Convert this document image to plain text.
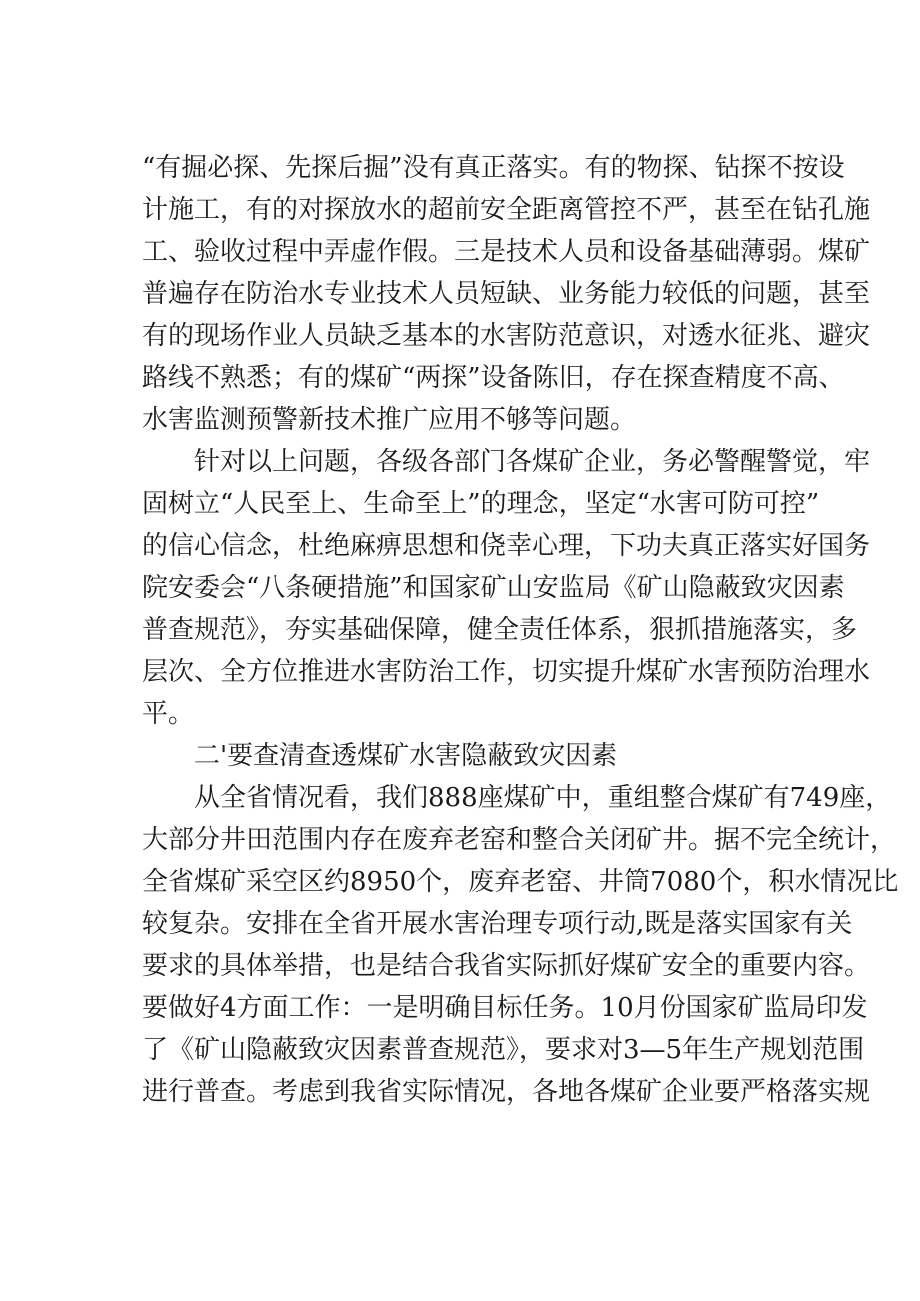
“有掘必探、先探后掘”没有真正落实。有的物探、钻探不按设
计施工，有的对探放水的超前安全距离管控不严，甚至在钻孔施
工、验收过程中弄虚作假。三是技术人员和设备基础薄弱。煤矿
普遍存在防治水专业技术人员短缺、业务能力较低的问题，甚至
有的现场作业人员缺乏基本的水害防范意识，对透水征兆、避灾
路线不熟悉；有的煤矿“两探”设备陈旧，存在探查精度不高、
水害监测预警新技术推广应用不够等问题。
针对以上问题，各级各部门各煤矿企业，务必警醒警觉，牢
固树立“人民至上、生命至上”的理念，坚定“水害可防可控”
的信心信念，杜绝麻痹思想和侥幸心理，下功夫真正落实好国务
院安委会“八条硬措施”和国家矿山安监局《矿山隐蔽致灾因素
普查规范》，夯实基础保障，健全责任体系，狠抓措施落实，多
层次、全方位推进水害防治工作，切实提升煤矿水害预防治理水
平。
二'要查清查透煤矿水害隐蔽致灾因素
从全省情况看，我们888座煤矿中，重组整合煤矿有749座，
大部分井田范围内存在废弃老窑和整合关闭矿井。据不完全统计，
全省煤矿采空区约8950个，废弃老窑、井筒7080个，积水情况比
较复杂。安排在全省开展水害治理专项行动,既是落实国家有关
要求的具体举措，也是结合我省实际抓好煤矿安全的重要内容。
要做好4方面工作：一是明确目标任务。10月份国家矿监局印发
了《矿山隐蔽致灾因素普查规范》，要求对3—5年生产规划范围
进行普查。考虑到我省实际情况，各地各煤矿企业要严格落实规
